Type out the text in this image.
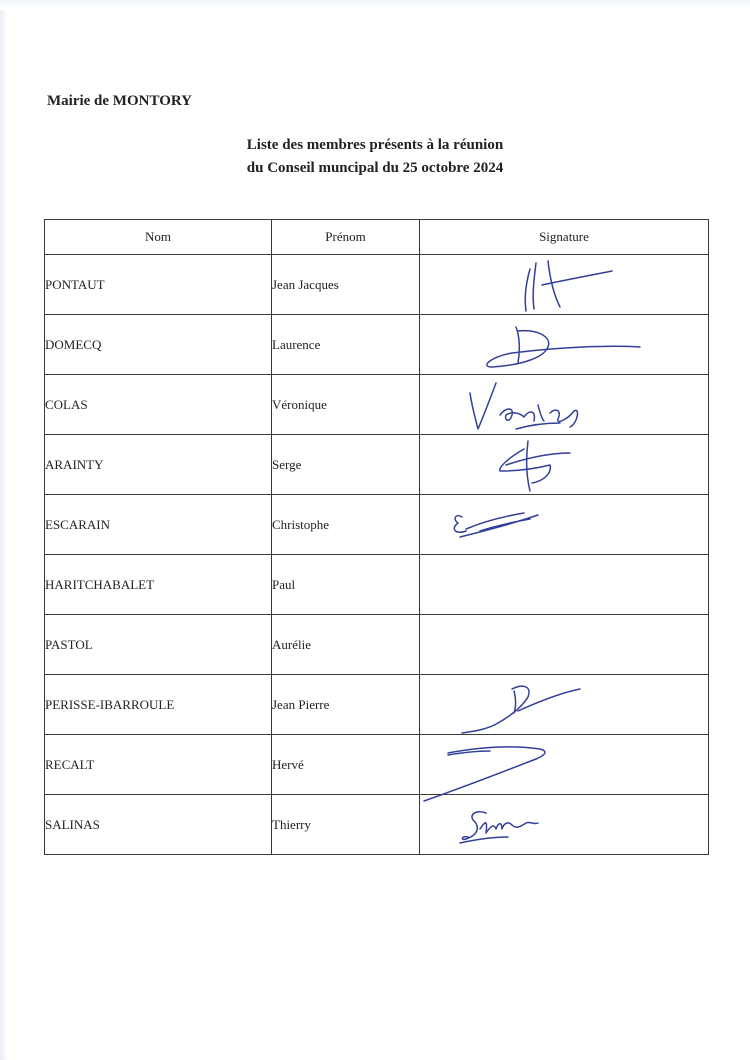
···

Mairie de MONTORY

Liste des membres présents à la réunion
du Conseil muncipal du 25 octobre 2024
Nom	Prénom	Signature
PONTAUT	Jean Jacques	

DOMECQ	Laurence	

COLAS	Véronique	

ARAINTY	Serge	

ESCARAIN	Christophe	

HARITCHABALET	Paul	
PASTOL	Aurélie	
PERISSE-IBARROULE	Jean Pierre	

RECALT	Hervé	

SALINAS	Thierry	
